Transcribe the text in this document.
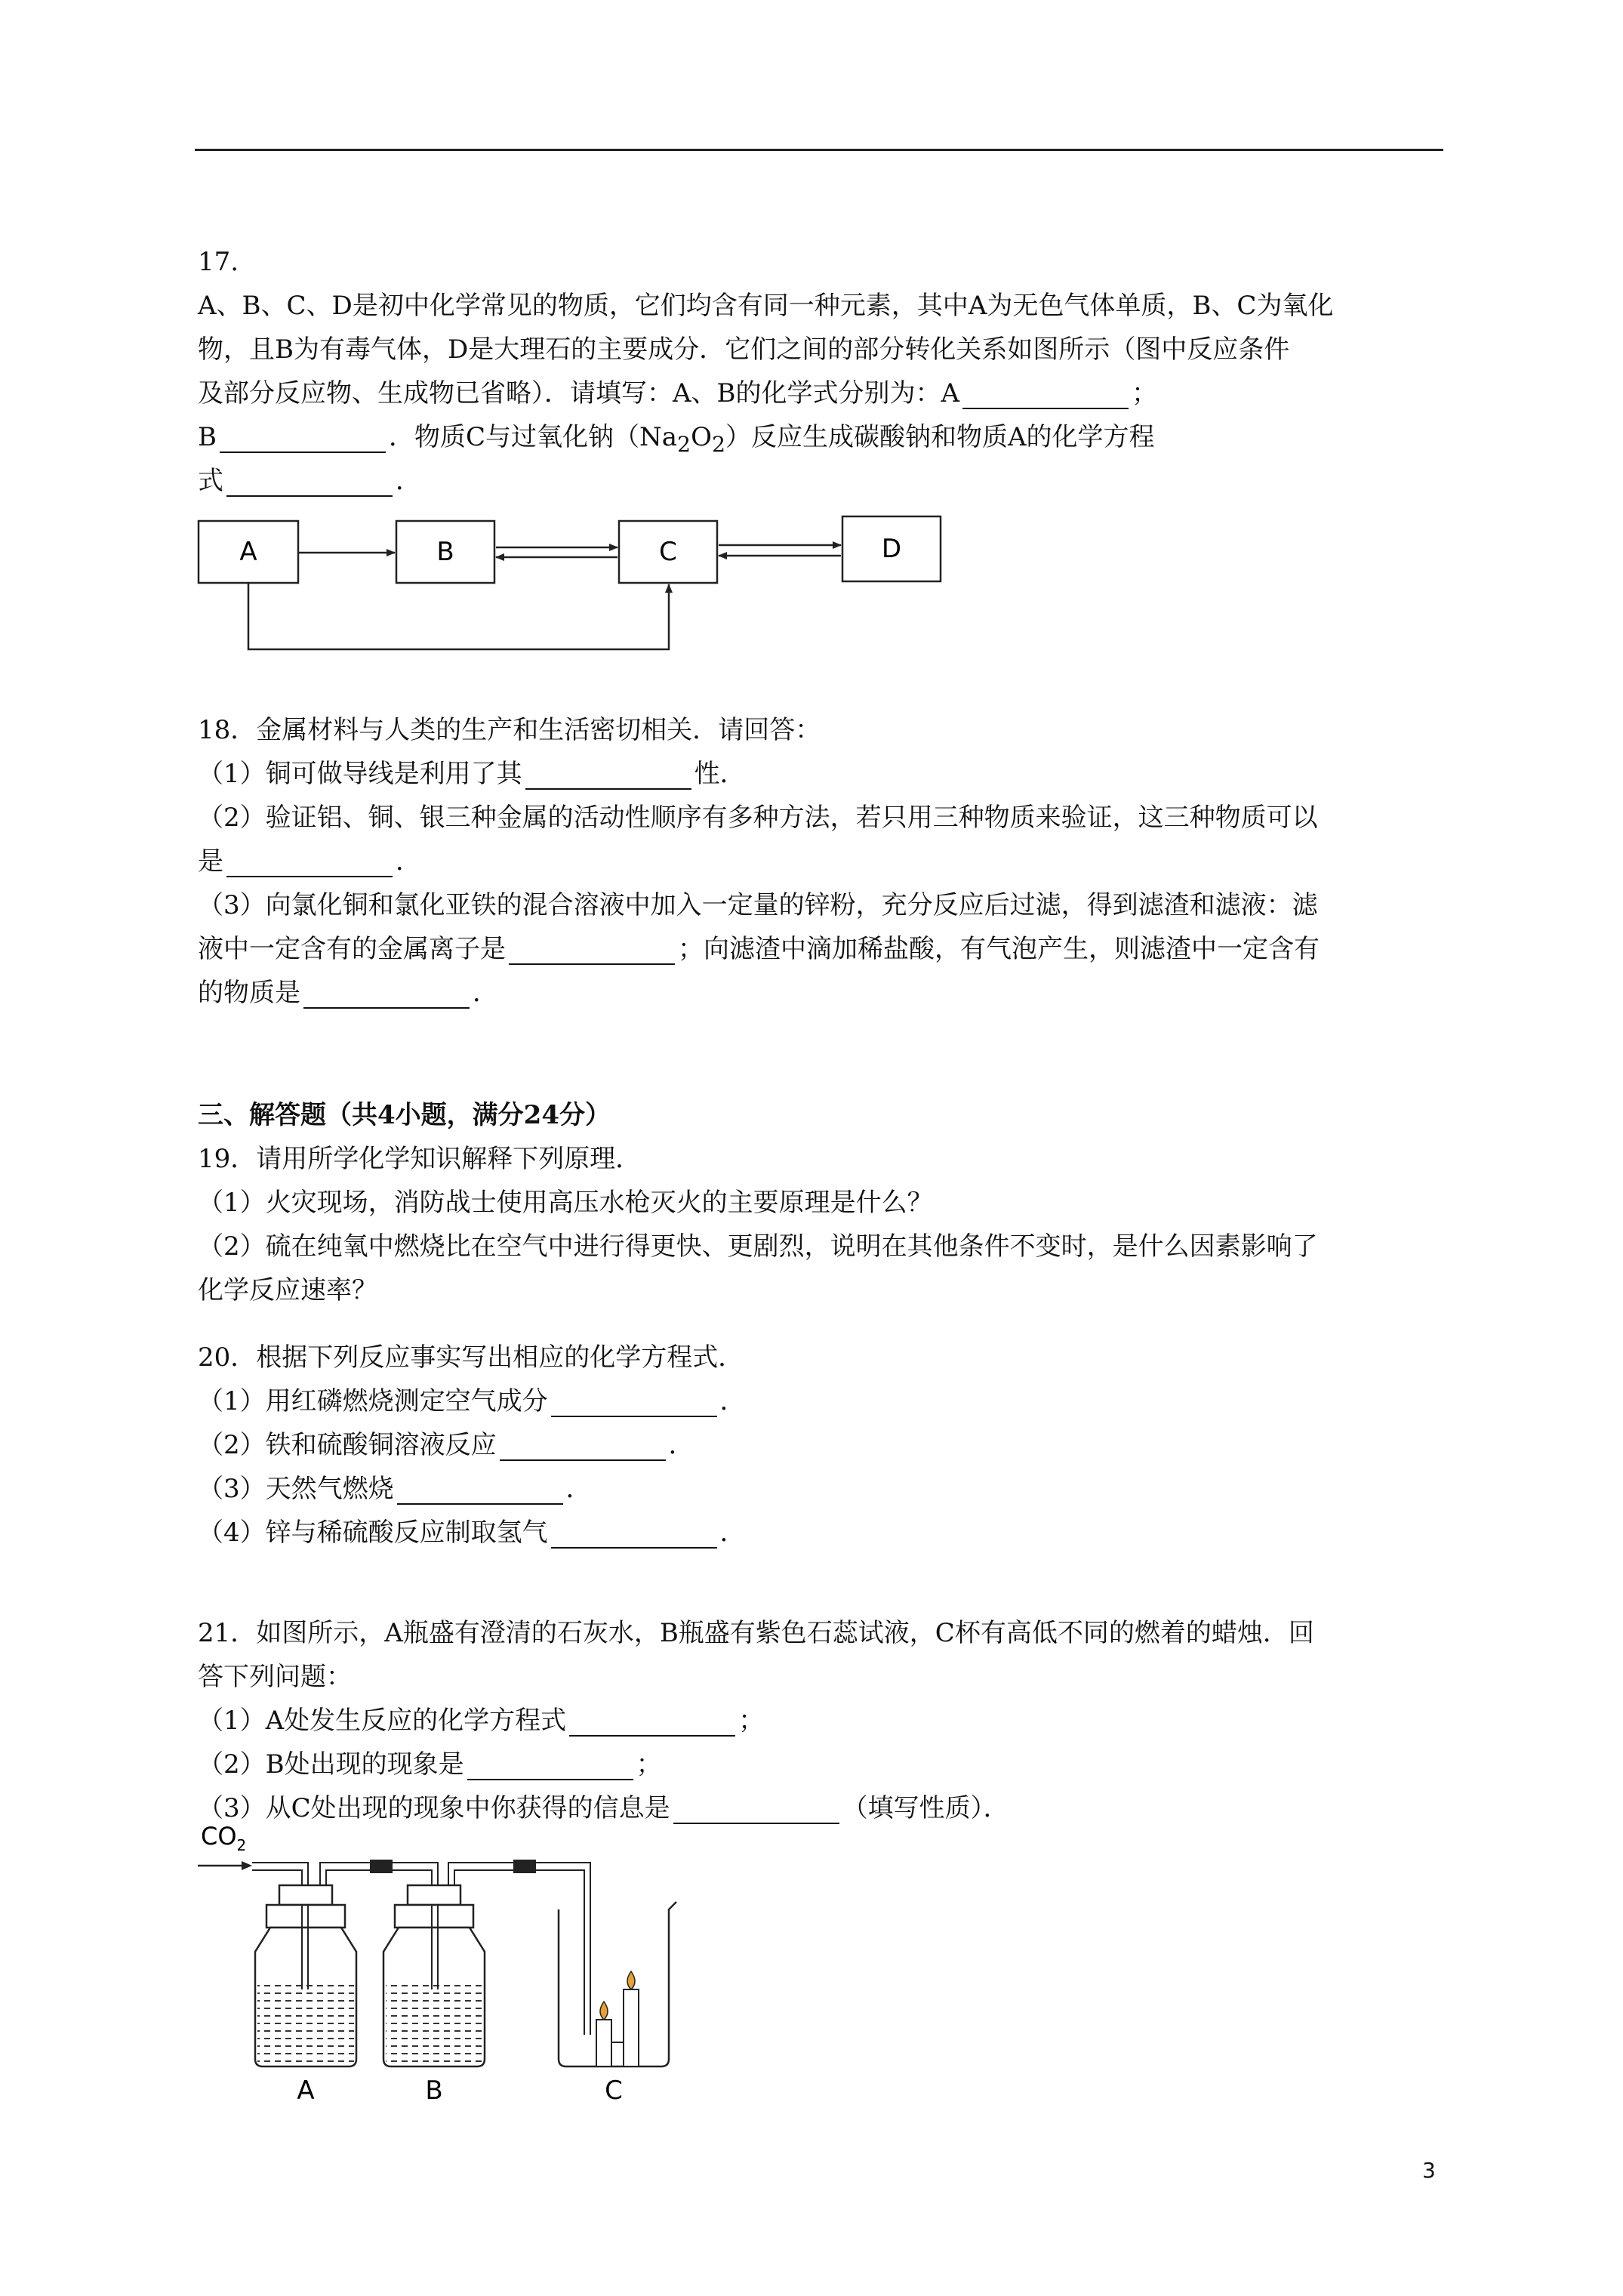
17.
A、B、C、D是初中化学常见的物质，它们均含有同一种元素，其中A为无色气体单质，B、C为氧化
物，且B为有毒气体，D是大理石的主要成分．它们之间的部分转化关系如图所示（图中反应条件
及部分反应物、生成物已省略）．请填写：A、B的化学式分别为：A	；
B	．物质C与过氧化钠$(Na_2O_2)$反应生成碳酸钠和物质A的化学方程
式	．
A	B	C	D
18．金属材料与人类的生产和生活密切相关．请回答：
（1）铜可做导线是利用了其	性．
（2）验证铝、铜、银三种金属的活动性顺序有多种方法，若只用三种物质来验证，这三种物质可以
是	．
（3）向氯化铜和氯化亚铁的混合溶液中加入一定量的锌粉，充分反应后过滤，得到滤渣和滤液：滤
液中一定含有的金属离子是	；向滤渣中滴加稀盐酸，有气泡产生，则滤渣中一定含有
的物质是	．
三、解答题（共4小题，满分24分）
19．请用所学化学知识解释下列原理．
（1）火灾现场，消防战士使用高压水枪灭火的主要原理是什么？
（2）硫在纯氧中燃烧比在空气中进行得更快、更剧烈，说明在其他条件不变时，是什么因素影响了
化学反应速率？
20．根据下列反应事实写出相应的化学方程式．
（1）用红磷燃烧测定空气成分	．
（2）铁和硫酸铜溶液反应	．
（3）天然气燃烧	．
（4）锌与稀硫酸反应制取氢气	．
21．如图所示，A瓶盛有澄清的石灰水，B瓶盛有紫色石蕊试液，C杯有高低不同的燃着的蜡烛．回
答下列问题：
（1）A处发生反应的化学方程式	；
（2）B处出现的现象是	；
（3）从C处出现的现象中你获得的信息是	（填写性质）．
$CO_2$
A	B	C
3
